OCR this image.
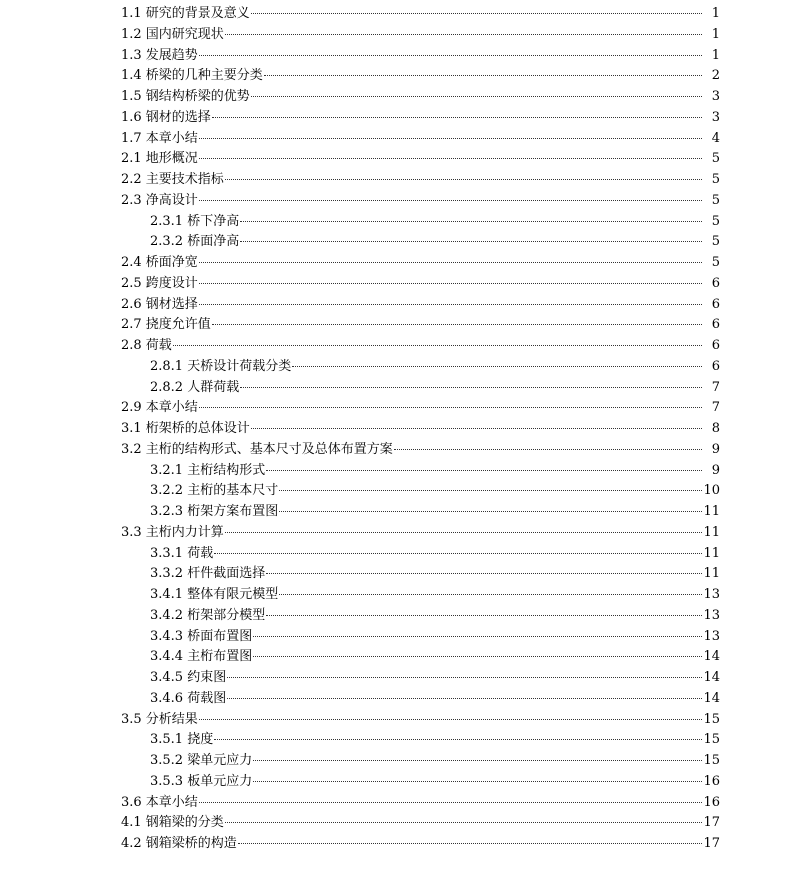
1.1 研究的背景及意义	1
1.2 国内研究现状	1
1.3 发展趋势	1
1.4 桥梁的几种主要分类	2
1.5 钢结构桥梁的优势	3
1.6 钢材的选择	3
1.7 本章小结	4
2.1 地形概况	5
2.2 主要技术指标	5
2.3 净高设计	5
2.3.1 桥下净高	5
2.3.2 桥面净高	5
2.4 桥面净宽	5
2.5 跨度设计	6
2.6 钢材选择	6
2.7 挠度允许值	6
2.8 荷载	6
2.8.1 天桥设计荷载分类	6
2.8.2 人群荷载	7
2.9 本章小结	7
3.1 桁架桥的总体设计	8
3.2 主桁的结构形式、基本尺寸及总体布置方案	9
3.2.1 主桁结构形式	9
3.2.2 主桁的基本尺寸	10
3.2.3 桁架方案布置图	11
3.3 主桁内力计算	11
3.3.1 荷载	11
3.3.2 杆件截面选择	11
3.4.1 整体有限元模型	13
3.4.2 桁架部分模型	13
3.4.3 桥面布置图	13
3.4.4 主桁布置图	14
3.4.5 约束图	14
3.4.6 荷载图	14
3.5 分析结果	15
3.5.1 挠度	15
3.5.2 梁单元应力	15
3.5.3 板单元应力	16
3.6 本章小结	16
4.1 钢箱梁的分类	17
4.2 钢箱梁桥的构造	17
